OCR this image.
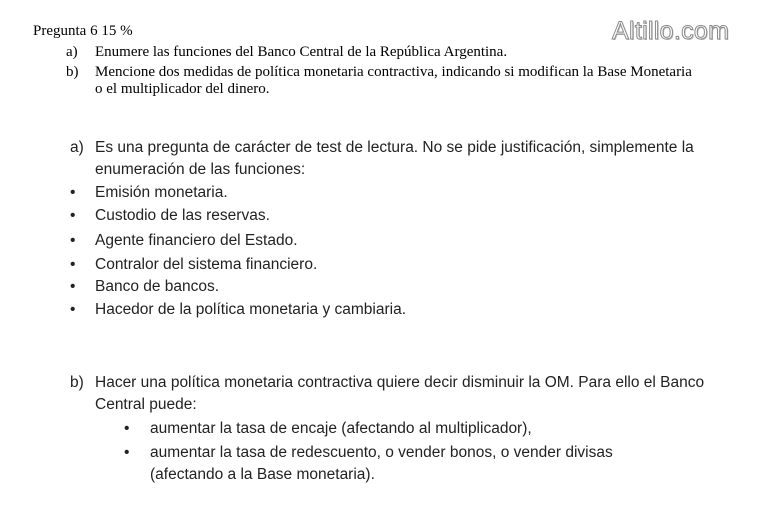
Pregunta 6 15 %	Altillo.com
a)	Enumere las funciones del Banco Central de la República Argentina.
b)	Mencione dos medidas de política monetaria contractiva, indicando si modifican la Base Monetaria o el multiplicador del dinero.
a) Es una pregunta de carácter de test de lectura. No se pide justificación, simplemente la enumeración de las funciones:
•	Emisión monetaria.
•	Custodio de las reservas.
•	Agente financiero del Estado.
•	Contralor del sistema financiero.
•	Banco de bancos.
•	Hacedor de la política monetaria y cambiaria.
b) Hacer una política monetaria contractiva quiere decir disminuir la OM. Para ello el Banco Central puede:
•	aumentar la tasa de encaje (afectando al multiplicador),
•	aumentar la tasa de redescuento, o vender bonos, o vender divisas (afectando a la Base monetaria).
